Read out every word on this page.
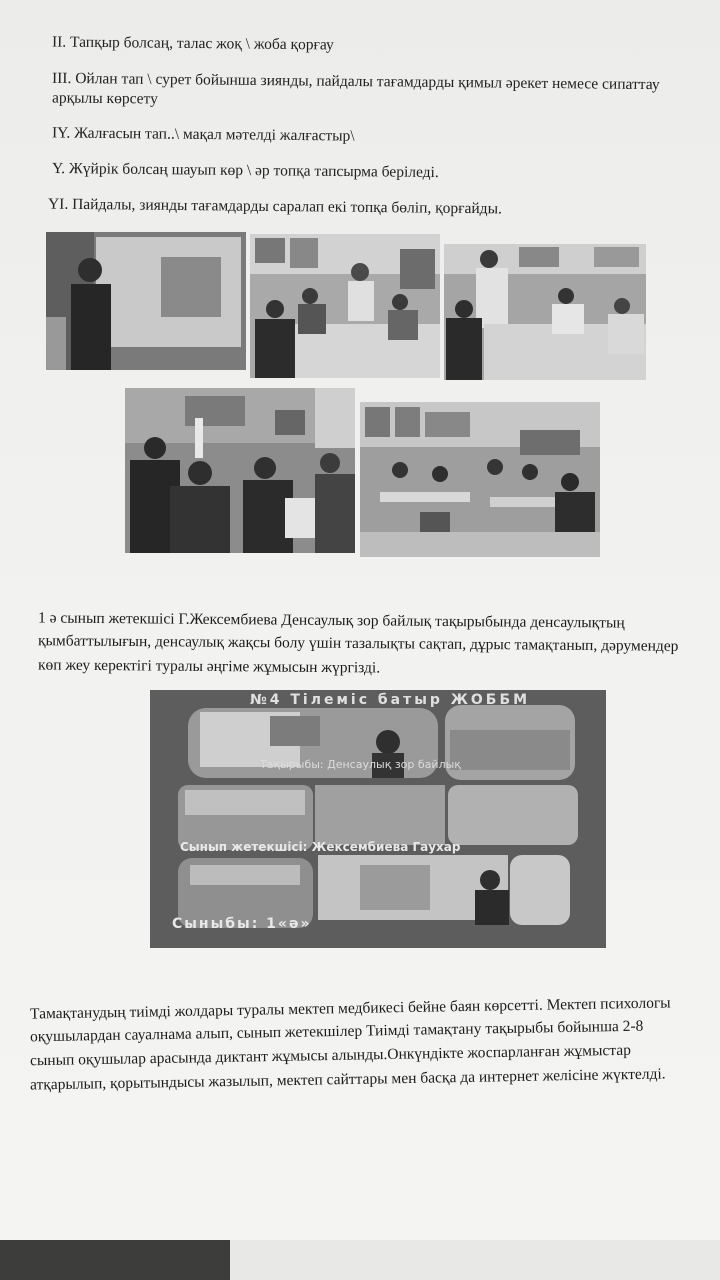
II. Тапқыр болсаң, талас жоқ \ жоба қорғау
III. Ойлан тап \ сурет бойынша зиянды, пайдалы тағамдарды қимыл әрекет немесе сипаттау
арқылы көрсету
IY. Жалғасын тап..\ мақал мәтелді жалғастыр\
Y. Жүйрік болсаң шауып көр \ әр топқа тапсырма беріледі.
YI. Пайдалы, зиянды тағамдарды саралап екі топқа бөліп, қорғайды.
1 ә сынып жетекшісі Г.Жексембиева Денсаулық зор байлық тақырыбында денсаулықтың
қымбаттылығын, денсаулық жақсы болу үшін тазалықты сақтап, дұрыс тамақтанып, дәрумендер
көп жеу керектігі туралы әңгіме жұмысын жүргізді.
№4 Тілеміс батыр ЖОББМ
Тақырыбы: Денсаулық зор байлық
Сынып жетекшісі: Жексембиева Гаухар
Сыныбы: 1«ә»
Тамақтанудың тиімді жолдары туралы мектеп медбикесі бейне баян көрсетті. Мектеп психологы
оқушылардан сауалнама алып, сынып жетекшілер Тиімді тамақтану тақырыбы бойынша 2-8
сынып оқушылар арасында диктант жұмысы алынды.Онкүндікте жоспарланған жұмыстар
атқарылып, қорытындысы жазылып, мектеп сайттары мен басқа да интернет желісіне жүктелді.
